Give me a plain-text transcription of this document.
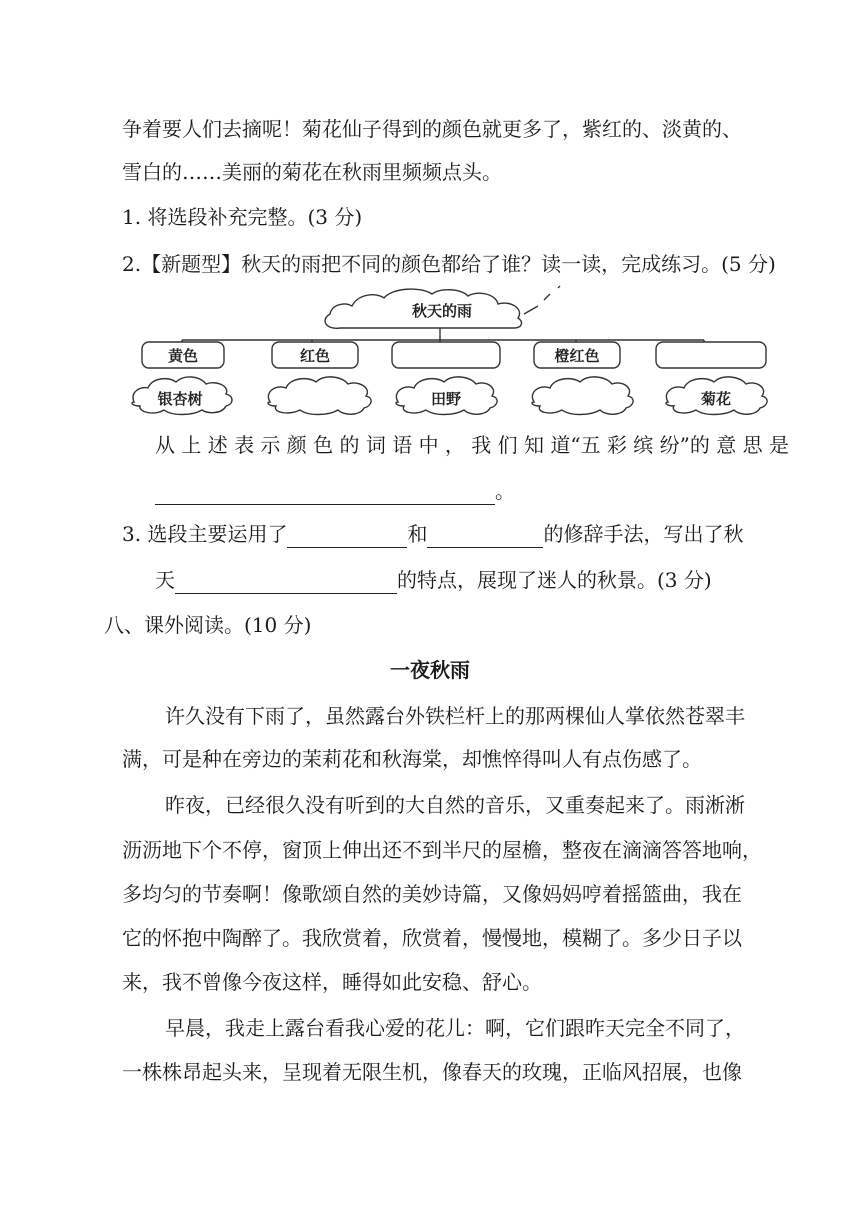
争着要人们去摘呢！菊花仙子得到的颜色就更多了，紫红的、淡黄的、
雪白的……美丽的菊花在秋雨里频频点头。
1. 将选段补充完整。(3 分)
2.【新题型】秋天的雨把不同的颜色都给了谁？读一读，完成练习。(5 分)
秋天的雨
黄色	红色	橙红色
银杏树	田野	菊花
从 上 述 表 示 颜 色 的 词 语 中 ， 我 们 知 道“五 彩 缤 纷”的 意 思 是
。
3. 选段主要运用了	和	的修辞手法，写出了秋
天	的特点，展现了迷人的秋景。(3 分)
八、课外阅读。(10 分)
一夜秋雨
许久没有下雨了，虽然露台外铁栏杆上的那两棵仙人掌依然苍翠丰
满，可是种在旁边的茉莉花和秋海棠，却憔悴得叫人有点伤感了。
昨夜，已经很久没有听到的大自然的音乐，又重奏起来了。雨淅淅
沥沥地下个不停，窗顶上伸出还不到半尺的屋檐，整夜在滴滴答答地响，
多均匀的节奏啊！像歌颂自然的美妙诗篇，又像妈妈哼着摇篮曲，我在
它的怀抱中陶醉了。我欣赏着，欣赏着，慢慢地，模糊了。多少日子以
来，我不曾像今夜这样，睡得如此安稳、舒心。
早晨，我走上露台看我心爱的花儿：啊，它们跟昨天完全不同了，
一株株昂起头来，呈现着无限生机，像春天的玫瑰，正临风招展，也像
